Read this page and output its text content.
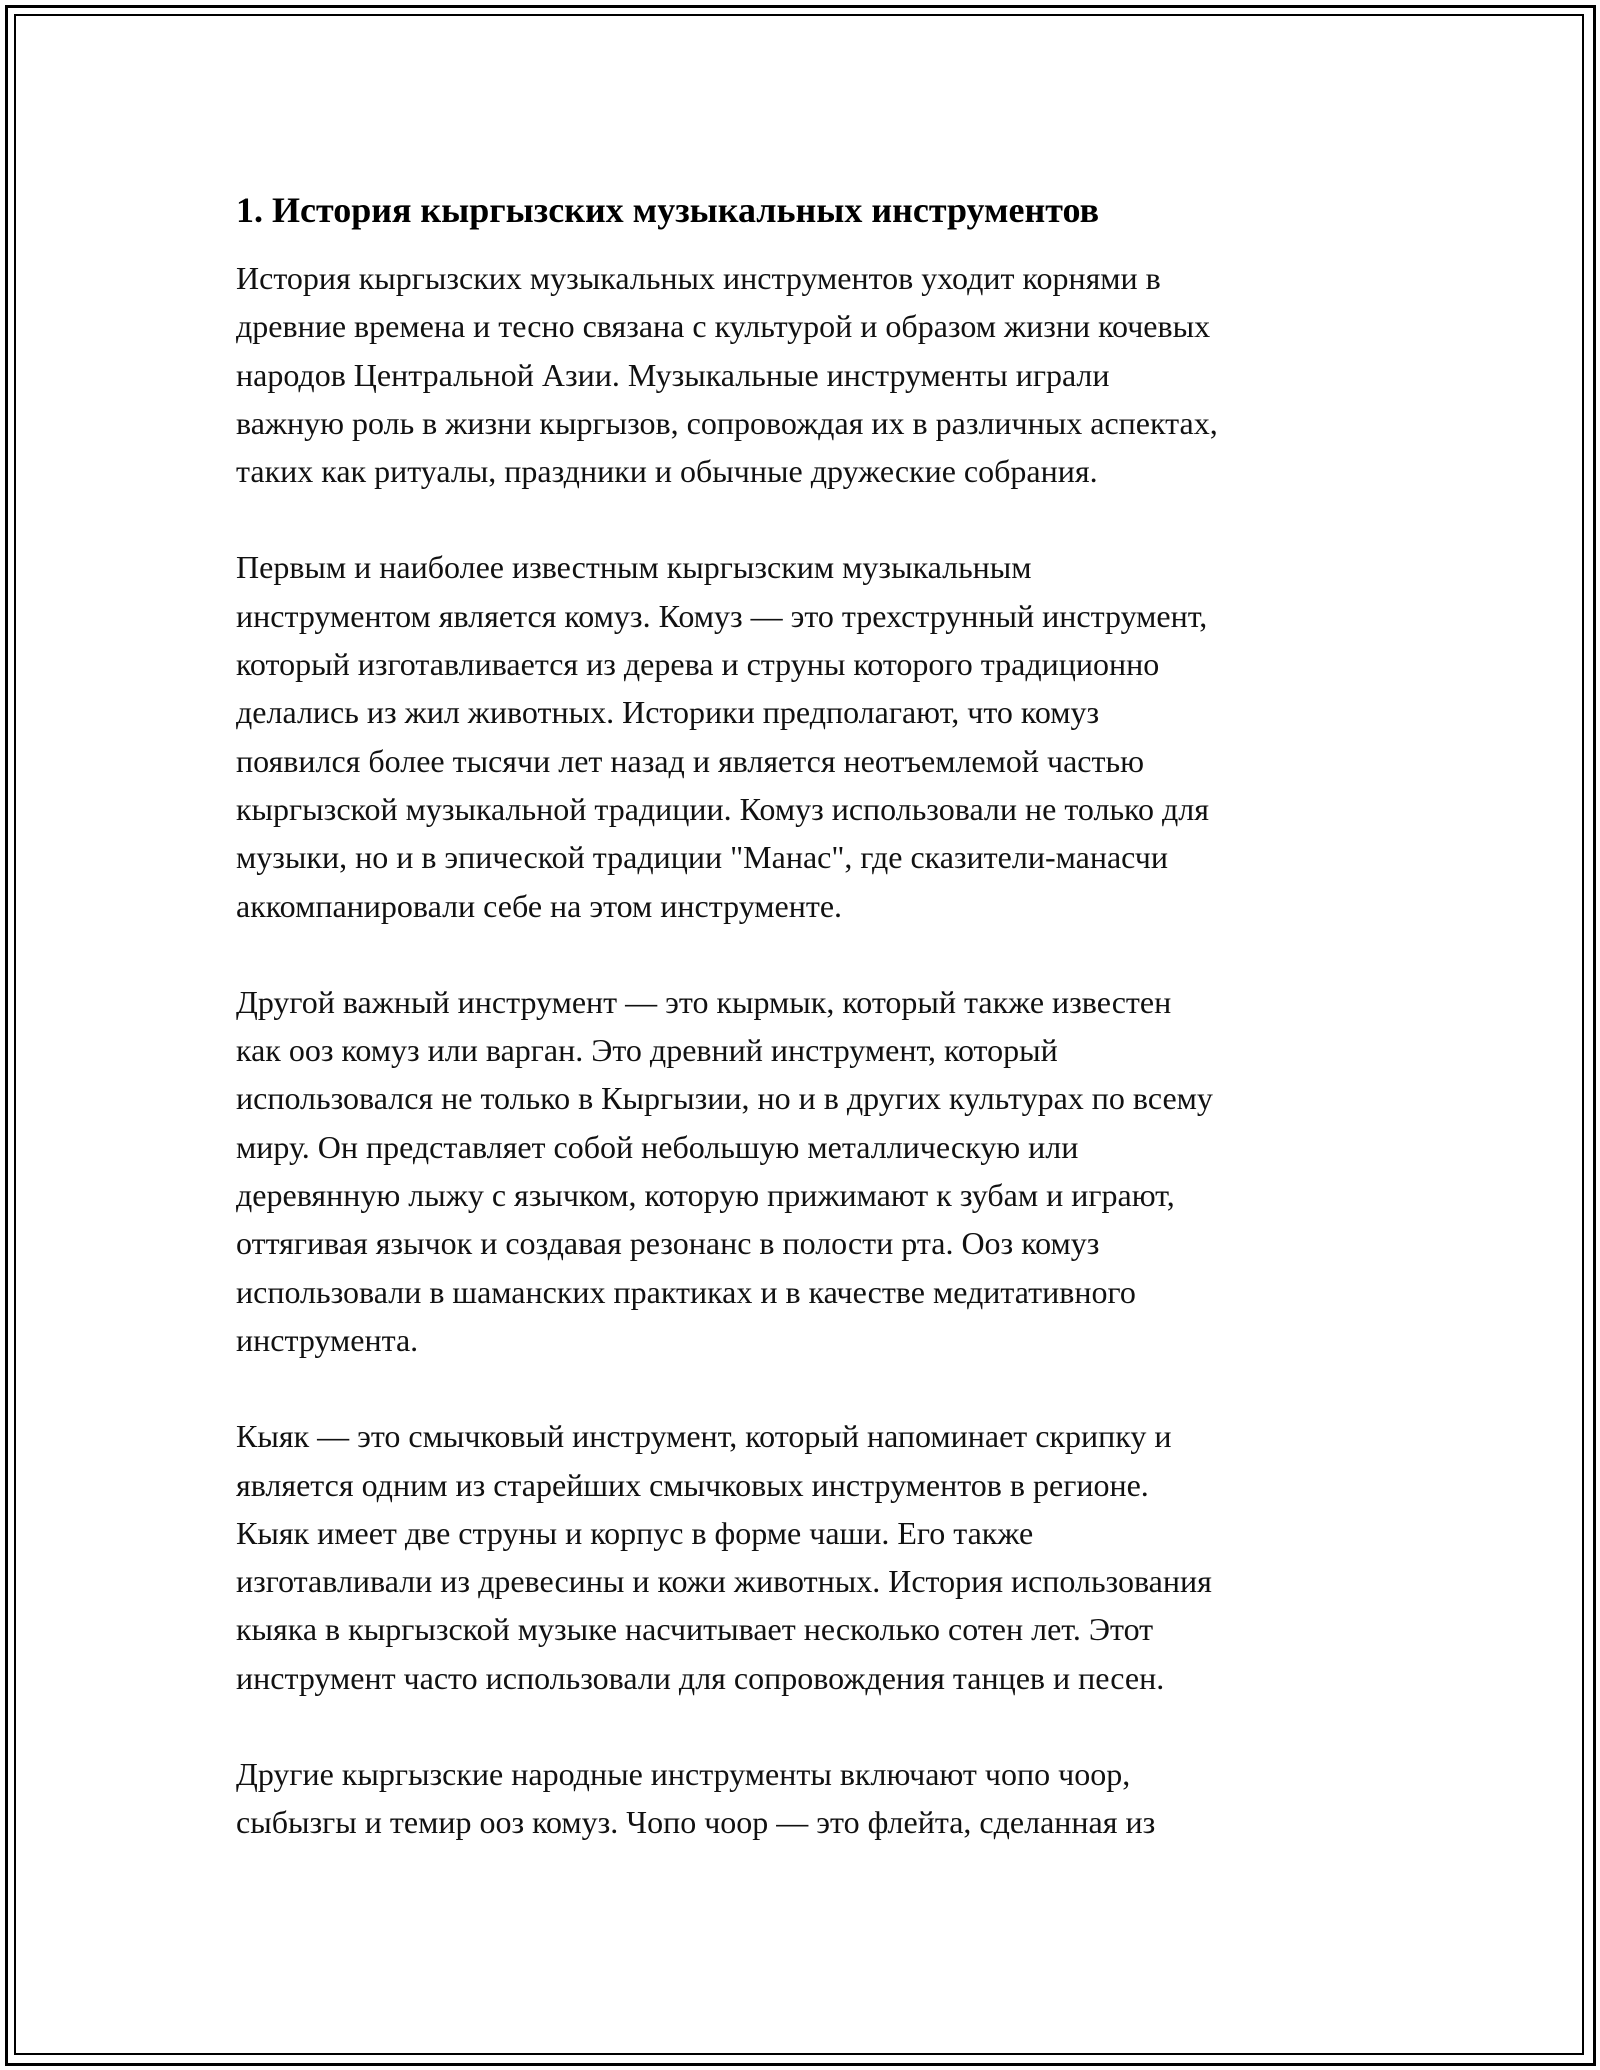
1. История кыргызских музыкальных инструментов

История кыргызских музыкальных инструментов уходит корнями в
древние времена и тесно связана с культурой и образом жизни кочевых
народов Центральной Азии. Музыкальные инструменты играли
важную роль в жизни кыргызов, сопровождая их в различных аспектах,
таких как ритуалы, праздники и обычные дружеские собрания.

Первым и наиболее известным кыргызским музыкальным
инструментом является комуз. Комуз — это трехструнный инструмент,
который изготавливается из дерева и струны которого традиционно
делались из жил животных. Историки предполагают, что комуз
появился более тысячи лет назад и является неотъемлемой частью
кыргызской музыкальной традиции. Комуз использовали не только для
музыки, но и в эпической традиции "Манас", где сказители-манасчи
аккомпанировали себе на этом инструменте.

Другой важный инструмент — это кырмык, который также известен
как ооз комуз или варган. Это древний инструмент, который
использовался не только в Кыргызии, но и в других культурах по всему
миру. Он представляет собой небольшую металлическую или
деревянную лыжу с язычком, которую прижимают к зубам и играют,
оттягивая язычок и создавая резонанс в полости рта. Ооз комуз
использовали в шаманских практиках и в качестве медитативного
инструмента.

Кыяк — это смычковый инструмент, который напоминает скрипку и
является одним из старейших смычковых инструментов в регионе.
Кыяк имеет две струны и корпус в форме чаши. Его также
изготавливали из древесины и кожи животных. История использования
кыяка в кыргызской музыке насчитывает несколько сотен лет. Этот
инструмент часто использовали для сопровождения танцев и песен.

Другие кыргызские народные инструменты включают чопо чоор,
сыбызгы и темир ооз комуз. Чопо чоор — это флейта, сделанная из
